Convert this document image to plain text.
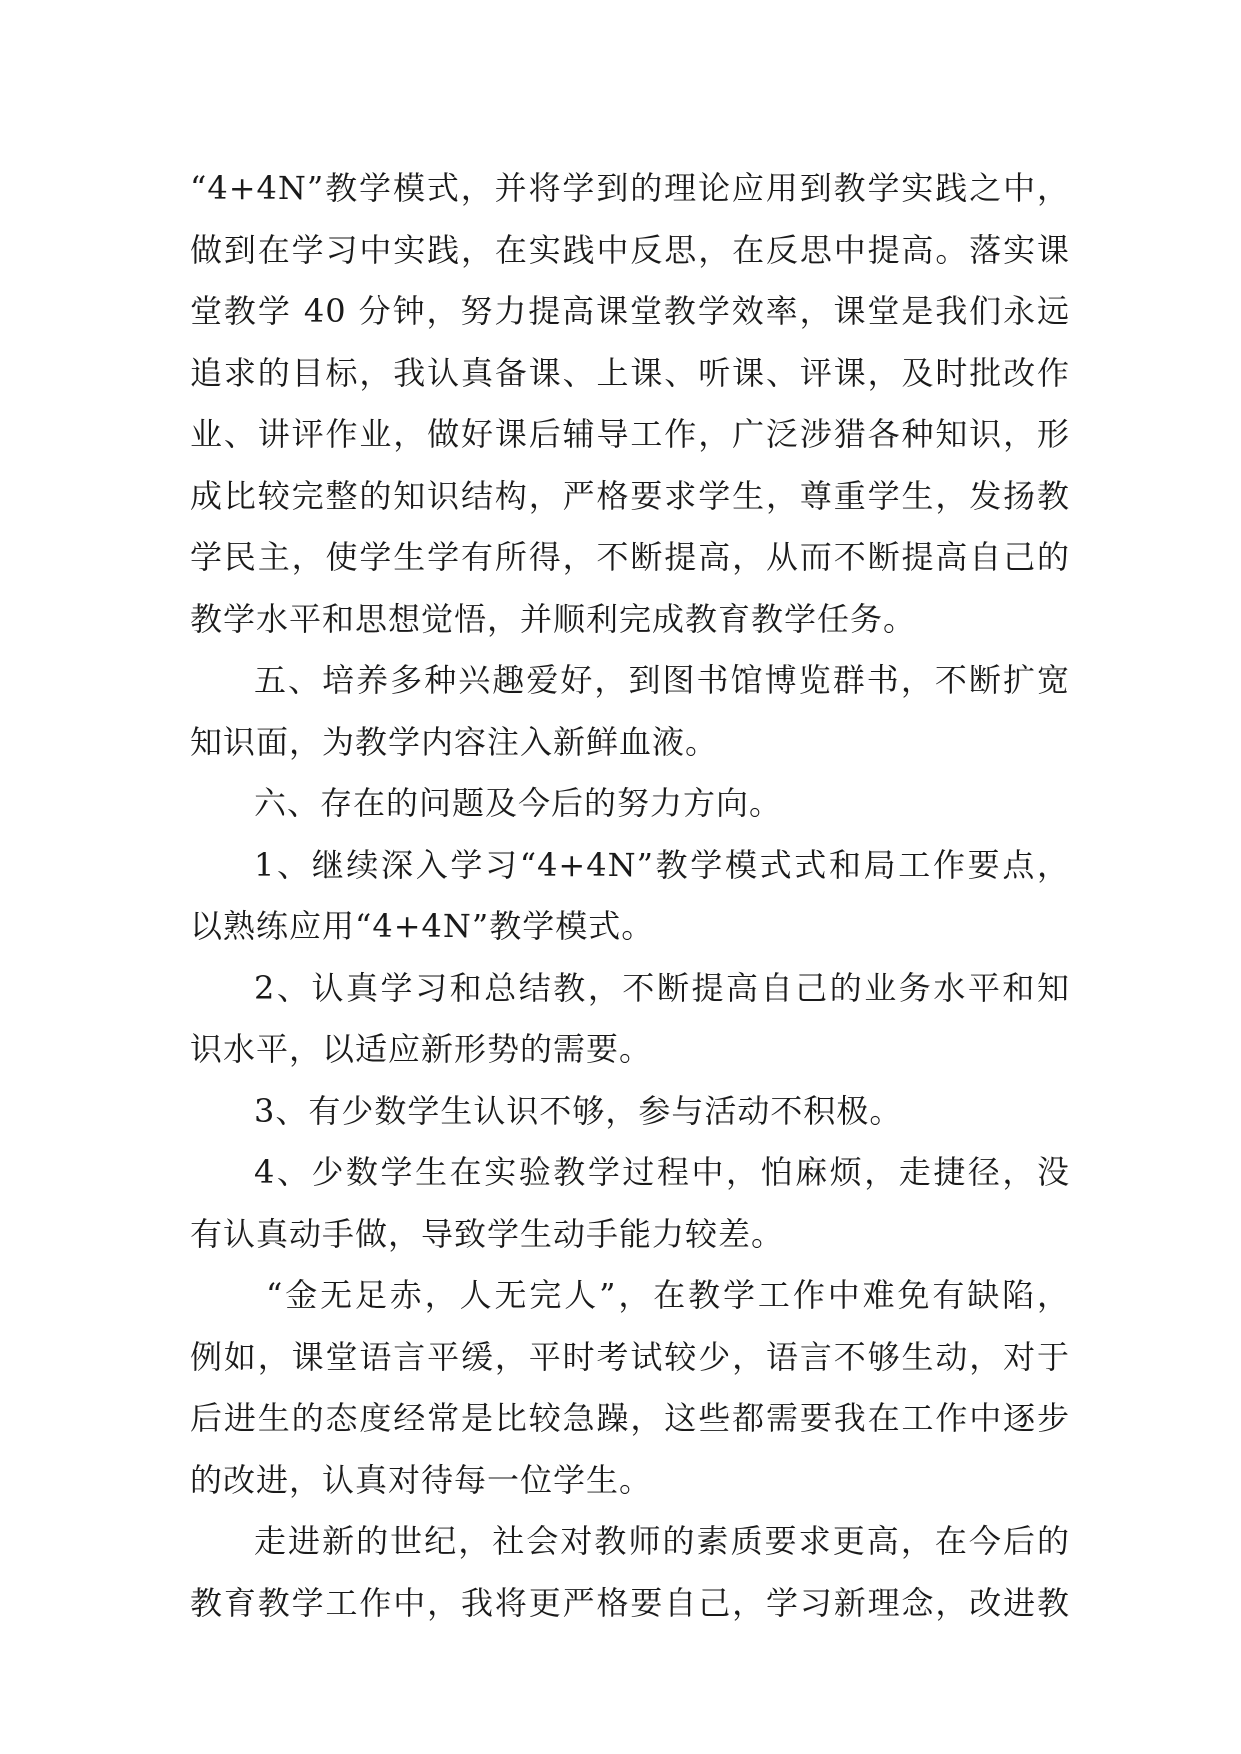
“4+4N”教学模式，并将学到的理论应用到教学实践之中，
做到在学习中实践，在实践中反思，在反思中提高。落实课
堂教学 40 分钟，努力提高课堂教学效率，课堂是我们永远
追求的目标，我认真备课、上课、听课、评课，及时批改作
业、讲评作业，做好课后辅导工作，广泛涉猎各种知识，形
成比较完整的知识结构，严格要求学生，尊重学生，发扬教
学民主，使学生学有所得，不断提高，从而不断提高自己的
教学水平和思想觉悟，并顺利完成教育教学任务。
五、培养多种兴趣爱好，到图书馆博览群书，不断扩宽
知识面，为教学内容注入新鲜血液。
六、存在的问题及今后的努力方向。
1、继续深入学习“4+4N”教学模式式和局工作要点，
以熟练应用“4+4N”教学模式。
2、认真学习和总结教，不断提高自己的业务水平和知
识水平，以适应新形势的需要。
3、有少数学生认识不够，参与活动不积极。
4、少数学生在实验教学过程中，怕麻烦，走捷径，没
有认真动手做，导致学生动手能力较差。
“金无足赤，人无完人”，在教学工作中难免有缺陷，
例如，课堂语言平缓，平时考试较少，语言不够生动，对于
后进生的态度经常是比较急躁，这些都需要我在工作中逐步
的改进，认真对待每一位学生。
走进新的世纪，社会对教师的素质要求更高，在今后的
教育教学工作中，我将更严格要自己，学习新理念，改进教
